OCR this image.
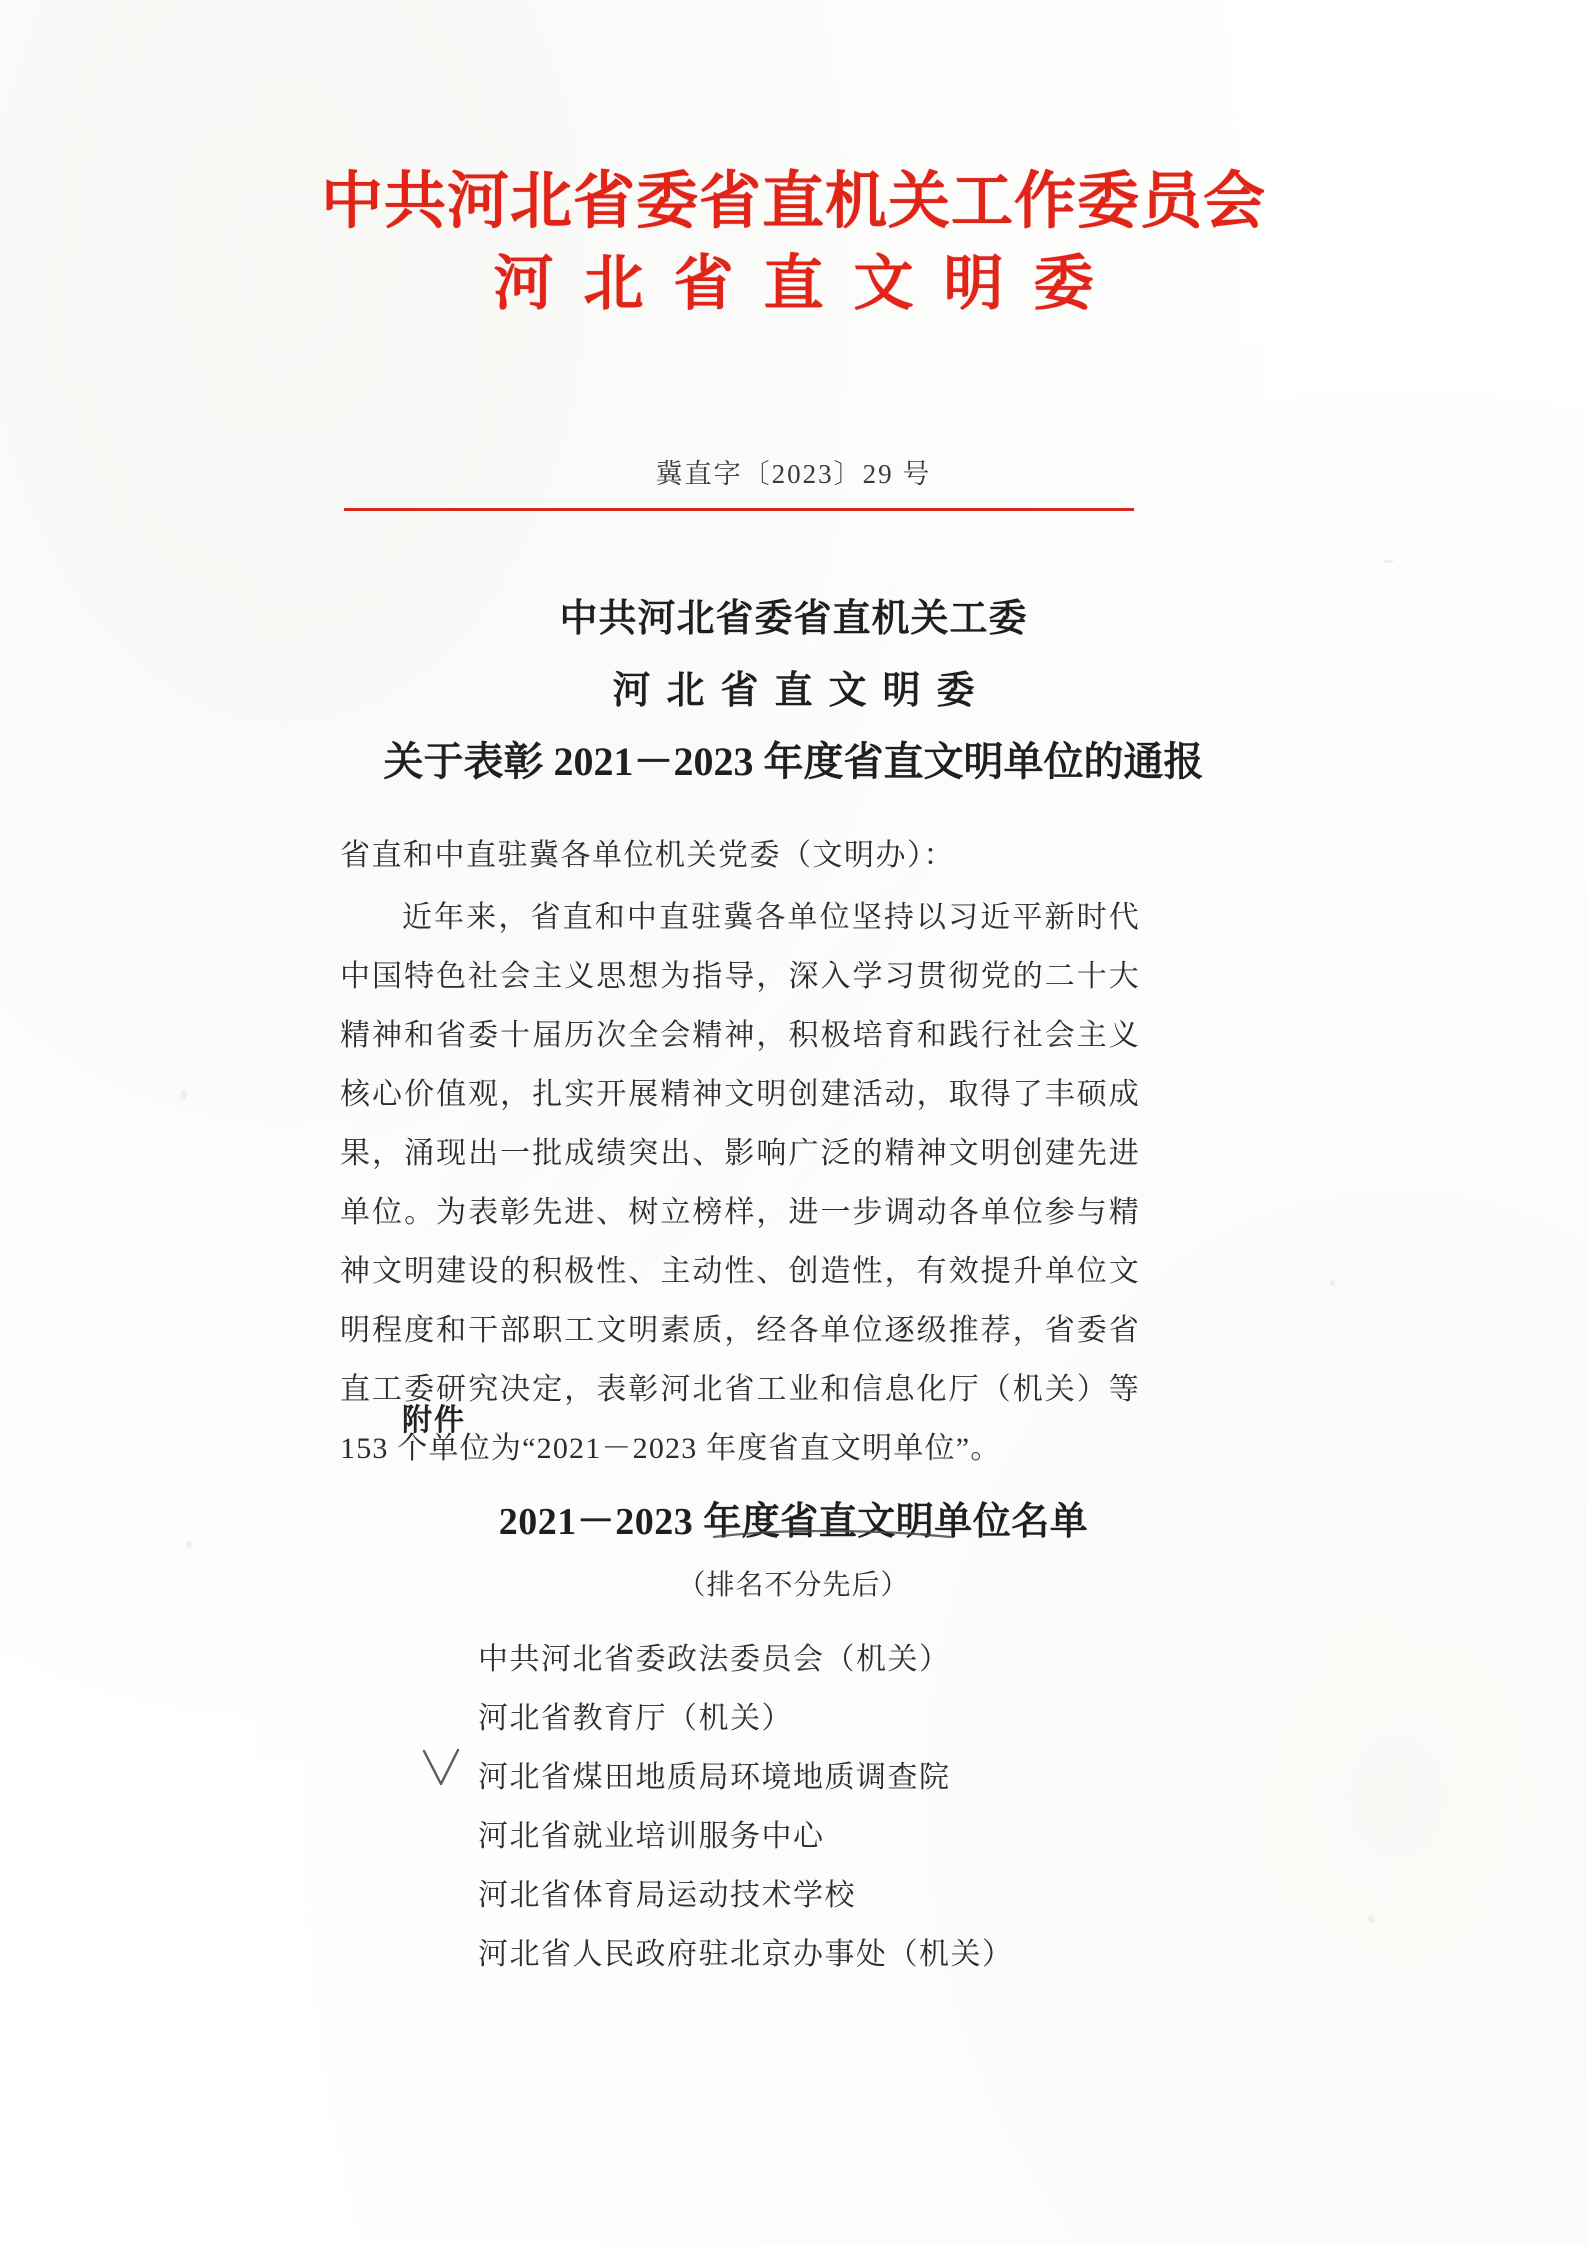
中共河北省委省直机关工作委员会
河北省直文明委
冀直字〔2023〕29 号
中共河北省委省直机关工委
河北省直文明委
关于表彰 2021－2023 年度省直文明单位的通报
省直和中直驻冀各单位机关党委（文明办）：
近年来，省直和中直驻冀各单位坚持以习近平新时代中国特色社会主义思想为指导，深入学习贯彻党的二十大精神和省委十届历次全会精神，积极培育和践行社会主义核心价值观，扎实开展精神文明创建活动，取得了丰硕成果，涌现出一批成绩突出、影响广泛的精神文明创建先进单位。为表彰先进、树立榜样，进一步调动各单位参与精神文明建设的积极性、主动性、创造性，有效提升单位文明程度和干部职工文明素质，经各单位逐级推荐，省委省直工委研究决定，表彰河北省工业和信息化厅（机关）等 153 个单位为“2021－2023 年度省直文明单位”。
附件
2021－2023 年度省直文明单位名单
（排名不分先后）
中共河北省委政法委员会（机关）
河北省教育厅（机关）
河北省煤田地质局环境地质调查院
河北省就业培训服务中心
河北省体育局运动技术学校
河北省人民政府驻北京办事处（机关）
